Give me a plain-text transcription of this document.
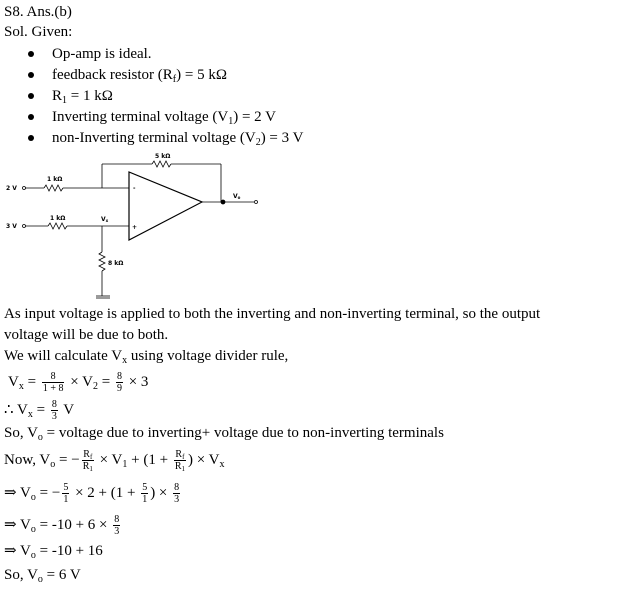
S8. Ans.(b)
Sol. Given:
Op-amp is ideal.
feedback resistor $(R_f) = 5$ kΩ
$R_1 = 1$ kΩ
Inverting terminal voltage $(V_1) = 2$ V
non-Inverting terminal voltage $(V_2) = 3$ V
5 kΩ
1 kΩ
1 kΩ
8 kΩ
2 V
3 V
Vx
Vo
-
+
As input voltage is applied to both the inverting and non-inverting terminal, so the output
voltage will be due to both.
We will calculate $V_x$ using voltage divider rule,
$V_x = \frac{8}{1 + 8} \times V_2 = \frac{8}{9} \times 3$
∴ $V_x = \frac{8}{3}$ V
So, $V_o$ = voltage due to inverting+ voltage due to non-inverting terminals
Now, $V_o$ = − $\frac{R_f}{R_1} \times V_1 + (1 + \frac{R_f}{R_1}$ ) × $V_x$
⇒ $V_o$ = − $\frac{5}{1} \times 2 + (1 + \frac{5}{1}$ ) × $\frac{8}{3}$
⇒ $V_o = -10 + 6 \times \frac{8}{3}$
⇒ $V_o = -10 + 16$
So, $V_o = 6$ V
